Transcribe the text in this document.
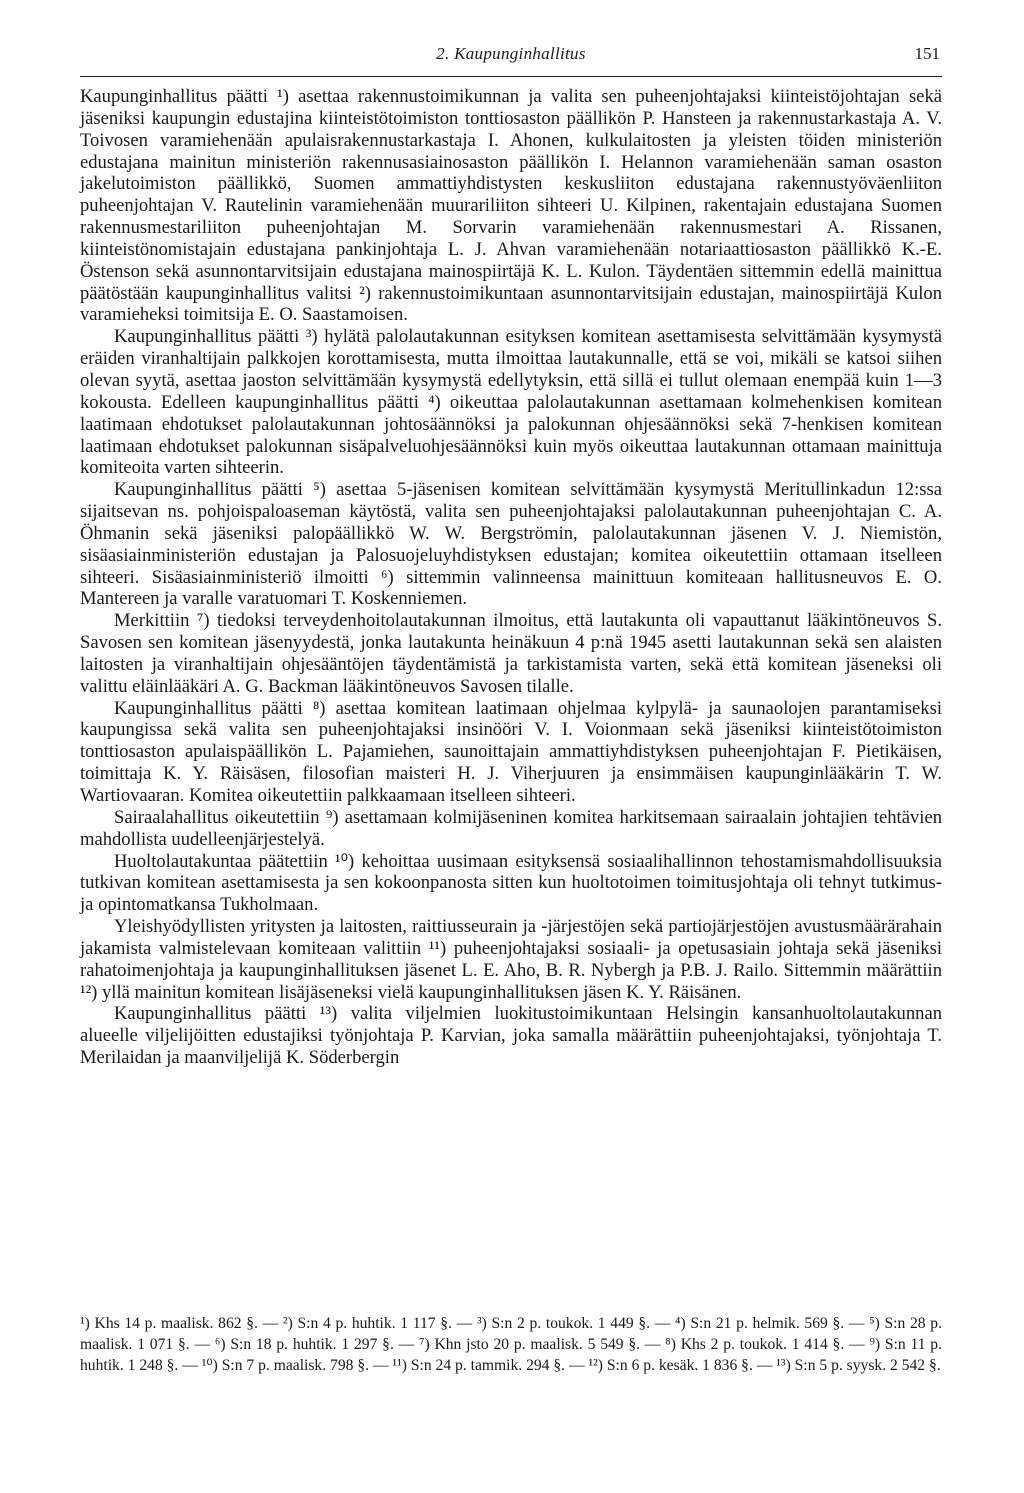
2. Kaupunginhallitus	151

Kaupunginhallitus päätti ¹) asettaa rakennustoimikunnan ja valita sen puheenjohtajaksi kiinteistöjohtajan sekä jäseniksi kaupungin edustajina kiinteistötoimiston tonttiosaston päällikön P. Hansteen ja rakennustarkastaja A. V. Toivosen varamiehenään apulaisrakennustarkastaja I. Ahonen, kulkulaitosten ja yleisten töiden ministeriön edustajana mainitun ministeriön rakennusasiainosaston päällikön I. Helannon varamiehenään saman osaston jakelutoimiston päällikkö, Suomen ammattiyhdistysten keskusliiton edustajana rakennustyöväenliiton puheenjohtajan V. Rautelinin varamiehenään muurariliiton sihteeri U. Kilpinen, rakentajain edustajana Suomen rakennusmestariliiton puheenjohtajan M. Sorvarin varamiehenään rakennusmestari A. Rissanen, kiinteistönomistajain edustajana pankinjohtaja L. J. Ahvan varamiehenään notariaattiosaston päällikkö K.-E. Östenson sekä asunnontarvitsijain edustajana mainospiirtäjä K. L. Kulon. Täydentäen sittemmin edellä mainittua päätöstään kaupunginhallitus valitsi ²) rakennustoimikuntaan asunnontarvitsijain edustajan, mainospiirtäjä Kulon varamieheksi toimitsija E. O. Saastamoisen.

Kaupunginhallitus päätti ³) hylätä palolautakunnan esityksen komitean asettamisesta selvittämään kysymystä eräiden viranhaltijain palkkojen korottamisesta, mutta ilmoittaa lautakunnalle, että se voi, mikäli se katsoi siihen olevan syytä, asettaa jaoston selvittämään kysymystä edellytyksin, että sillä ei tullut olemaan enempää kuin 1—3 kokousta. Edelleen kaupunginhallitus päätti ⁴) oikeuttaa palolautakunnan asettamaan kolmehenkisen komitean laatimaan ehdotukset palolautakunnan johtosäännöksi ja palokunnan ohjesäännöksi sekä 7-henkisen komitean laatimaan ehdotukset palokunnan sisäpalveluohjesäännöksi kuin myös oikeuttaa lautakunnan ottamaan mainittuja komiteoita varten sihteerin.

Kaupunginhallitus päätti ⁵) asettaa 5-jäsenisen komitean selvittämään kysymystä Meritullinkadun 12:ssa sijaitsevan ns. pohjoispaloaseman käytöstä, valita sen puheenjohtajaksi palolautakunnan puheenjohtajan C. A. Öhmanin sekä jäseniksi palopäällikkö W. W. Bergströmin, palolautakunnan jäsenen V. J. Niemistön, sisäasiainministeriön edustajan ja Palosuojeluyhdistyksen edustajan; komitea oikeutettiin ottamaan itselleen sihteeri. Sisäasiainministeriö ilmoitti ⁶) sittemmin valinneensa mainittuun komiteaan hallitusneuvos E. O. Mantereen ja varalle varatuomari T. Koskenniemen.

Merkittiin ⁷) tiedoksi terveydenhoitolautakunnan ilmoitus, että lautakunta oli vapauttanut lääkintöneuvos S. Savosen sen komitean jäsenyydestä, jonka lautakunta heinäkuun 4 p:nä 1945 asetti lautakunnan sekä sen alaisten laitosten ja viranhaltijain ohjesääntöjen täydentämistä ja tarkistamista varten, sekä että komitean jäseneksi oli valittu eläinlääkäri A. G. Backman lääkintöneuvos Savosen tilalle.

Kaupunginhallitus päätti ⁸) asettaa komitean laatimaan ohjelmaa kylpylä- ja saunaolojen parantamiseksi kaupungissa sekä valita sen puheenjohtajaksi insinööri V. I. Voionmaan sekä jäseniksi kiinteistötoimiston tonttiosaston apulaispäällikön L. Pajamiehen, saunoittajain ammattiyhdistyksen puheenjohtajan F. Pietikäisen, toimittaja K. Y. Räisäsen, filosofian maisteri H. J. Viherjuuren ja ensimmäisen kaupunginlääkärin T. W. Wartiovaaran. Komitea oikeutettiin palkkaamaan itselleen sihteeri.

Sairaalahallitus oikeutettiin ⁹) asettamaan kolmijäseninen komitea harkitsemaan sairaalain johtajien tehtävien mahdollista uudelleenjärjestelyä.

Huoltolautakuntaa päätettiin ¹⁰) kehoittaa uusimaan esityksensä sosiaalihallinnon tehostamismahdollisuuksia tutkivan komitean asettamisesta ja sen kokoonpanosta sitten kun huoltotoimen toimitusjohtaja oli tehnyt tutkimus- ja opintomatkansa Tukholmaan.

Yleishyödyllisten yritysten ja laitosten, raittiusseurain ja -järjestöjen sekä partiojärjestöjen avustusmäärärahain jakamista valmistelevaan komiteaan valittiin ¹¹) puheenjohtajaksi sosiaali- ja opetusasiain johtaja sekä jäseniksi rahatoimenjohtaja ja kaupunginhallituksen jäsenet L. E. Aho, B. R. Nybergh ja P.B. J. Railo. Sittemmin määrättiin ¹²) yllä mainitun komitean lisäjäseneksi vielä kaupunginhallituksen jäsen K. Y. Räisänen.

Kaupunginhallitus päätti ¹³) valita viljelmien luokitustoimikuntaan Helsingin kansanhuoltolautakunnan alueelle viljelijöitten edustajiksi työnjohtaja P. Karvian, joka samalla määrättiin puheenjohtajaksi, työnjohtaja T. Merilaidan ja maanviljelijä K. Söderbergin

¹) Khs 14 p. maalisk. 862 §. — ²) S:n 4 p. huhtik. 1 117 §. — ³) S:n 2 p. toukok. 1 449 §. — ⁴) S:n 21 p. helmik. 569 §. — ⁵) S:n 28 p. maalisk. 1 071 §. — ⁶) S:n 18 p. huhtik. 1 297 §. — ⁷) Khn jsto 20 p. maalisk. 5 549 §. — ⁸) Khs 2 p. toukok. 1 414 §. — ⁹) S:n 11 p. huhtik. 1 248 §. — ¹⁰) S:n 7 p. maalisk. 798 §. — ¹¹) S:n 24 p. tammik. 294 §. — ¹²) S:n 6 p. kesäk. 1 836 §. — ¹³) S:n 5 p. syysk. 2 542 §.
